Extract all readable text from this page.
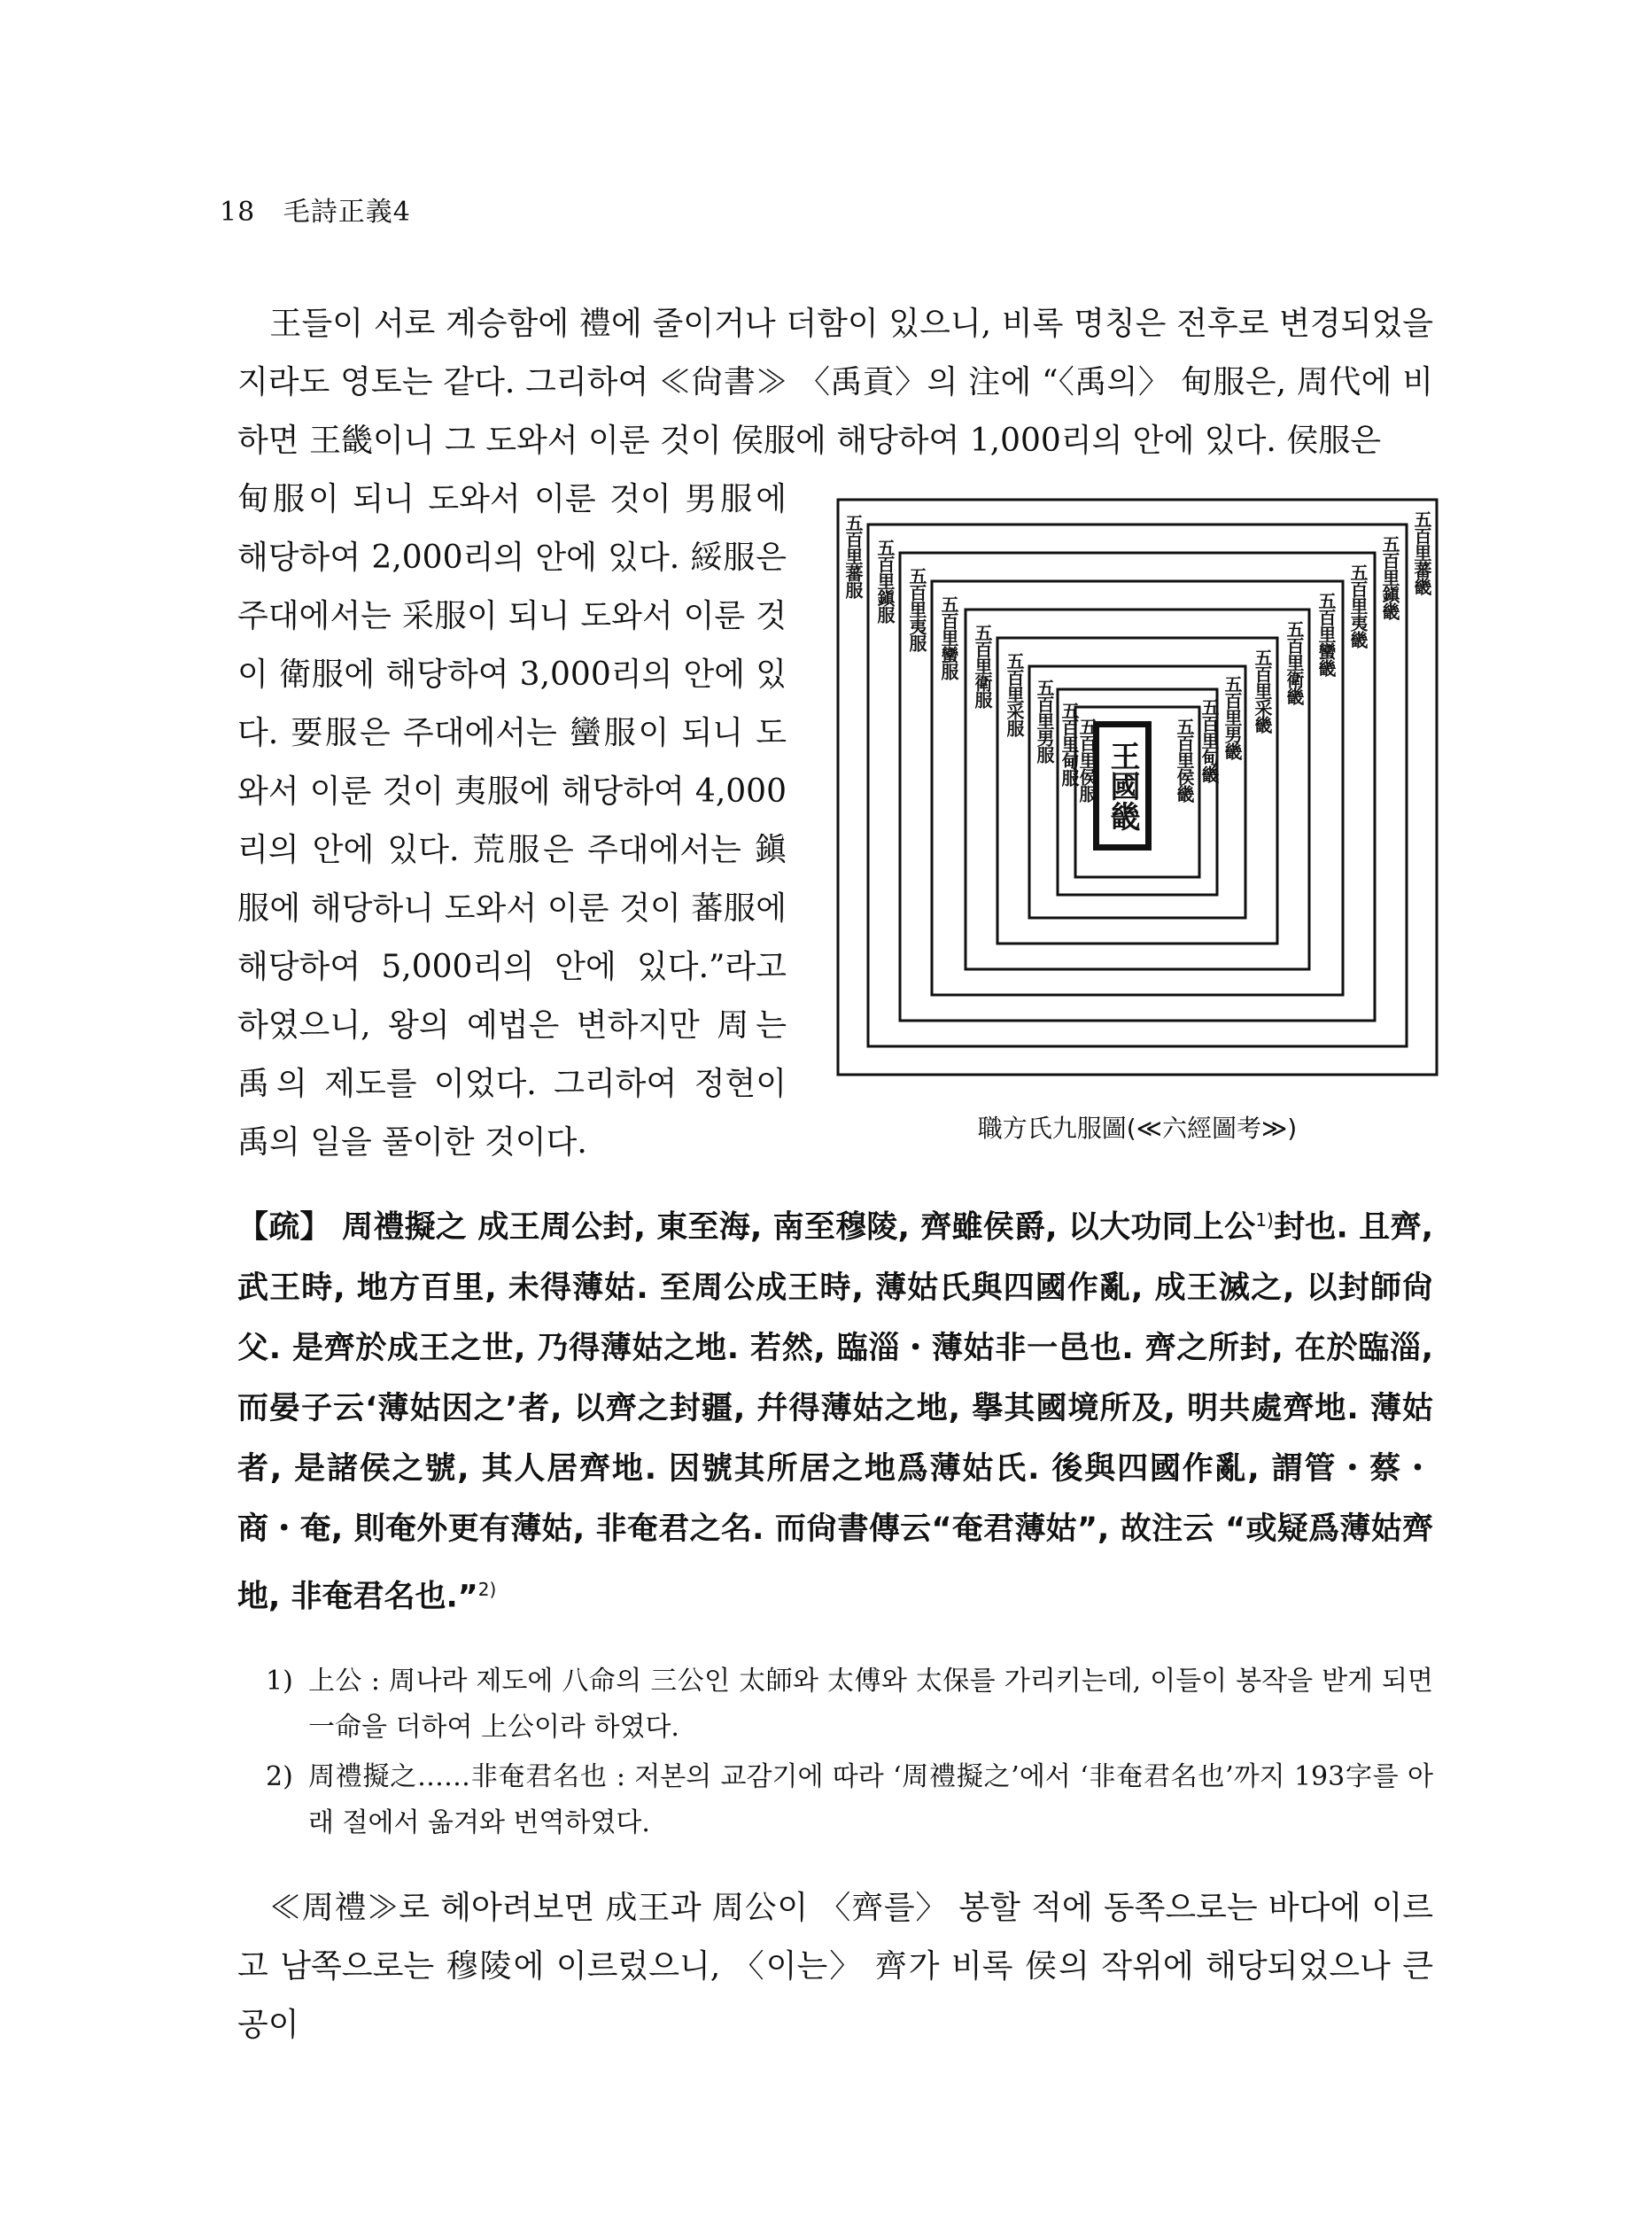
18 毛詩正義4

王들이 서로 계승함에 禮에 줄이거나 더함이 있으니, 비록 명칭은 전후로 변경되었을지라도 영토는 같다. 그리하여 ≪尙書≫ 〈禹貢〉의 注에 “〈禹의〉 甸服은, 周代에 비하면 王畿이니 그 도와서 이룬 것이 侯服에 해당하여 1,000리의 안에 있다. 侯服은

甸服이 되니 도와서 이룬 것이 男服에 해당하여 2,000리의 안에 있다. 綏服은 주대에서는 采服이 되니 도와서 이룬 것이 衛服에 해당하여 3,000리의 안에 있다. 要服은 주대에서는 蠻服이 되니 도와서 이룬 것이 夷服에 해당하여 4,000리의 안에 있다. 荒服은 주대에서는 鎭服에 해당하니 도와서 이룬 것이 蕃服에 해당하여 5,000리의 안에 있다.”라고 하였으니, 왕의 예법은 변하지만 周는 禹의 제도를 이었다. 그리하여 정현이 禹의 일을 풀이한 것이다.
五百里蕃服 五百里鎭服 五百里夷服 五百里蠻服 五百里衛服 五百里采服 五百里男服 五百里甸服
五百里侯服
五百里蕃畿
五百里鎭畿
五百里夷畿
五百里蠻畿
五百里衛畿
五百里采畿
五百里男畿
五百里甸畿
五百里侯畿
王國畿
職方氏九服圖(≪六經圖考≫)

【疏】 周禮擬之 成王周公封, 東至海, 南至穆陵, 齊雖侯爵, 以大功同上公$^{1)}$封也. 且齊, 武王時, 地方百里, 未得薄姑. 至周公成王時, 薄姑氏與四國作亂, 成王滅之, 以封師尙父. 是齊於成王之世, 乃得薄姑之地. 若然, 臨淄・薄姑非一邑也. 齊之所封, 在於臨淄, 而晏子云‘薄姑因之’者, 以齊之封疆, 幷得薄姑之地, 擧其國境所及, 明共處齊地. 薄姑者, 是諸侯之號, 其人居齊地. 因號其所居之地爲薄姑氏. 後與四國作亂, 謂管・蔡・商・奄, 則奄外更有薄姑, 非奄君之名. 而尙書傳云“奄君薄姑”, 故注云 “或疑爲薄姑齊地, 非奄君名也.”$^{2)}$

1) 上公 : 周나라 제도에 八命의 三公인 太師와 太傅와 太保를 가리키는데, 이들이 봉작을 받게 되면 一命을 더하여 上公이라 하였다.
2) 周禮擬之……非奄君名也 : 저본의 교감기에 따라 ‘周禮擬之’에서 ‘非奄君名也’까지 193字를 아래 절에서 옮겨와 번역하였다.

≪周禮≫로 헤아려보면 成王과 周公이 〈齊를〉 봉할 적에 동쪽으로는 바다에 이르고 남쪽으로는 穆陵에 이르렀으니, 〈이는〉 齊가 비록 侯의 작위에 해당되었으나 큰 공이
